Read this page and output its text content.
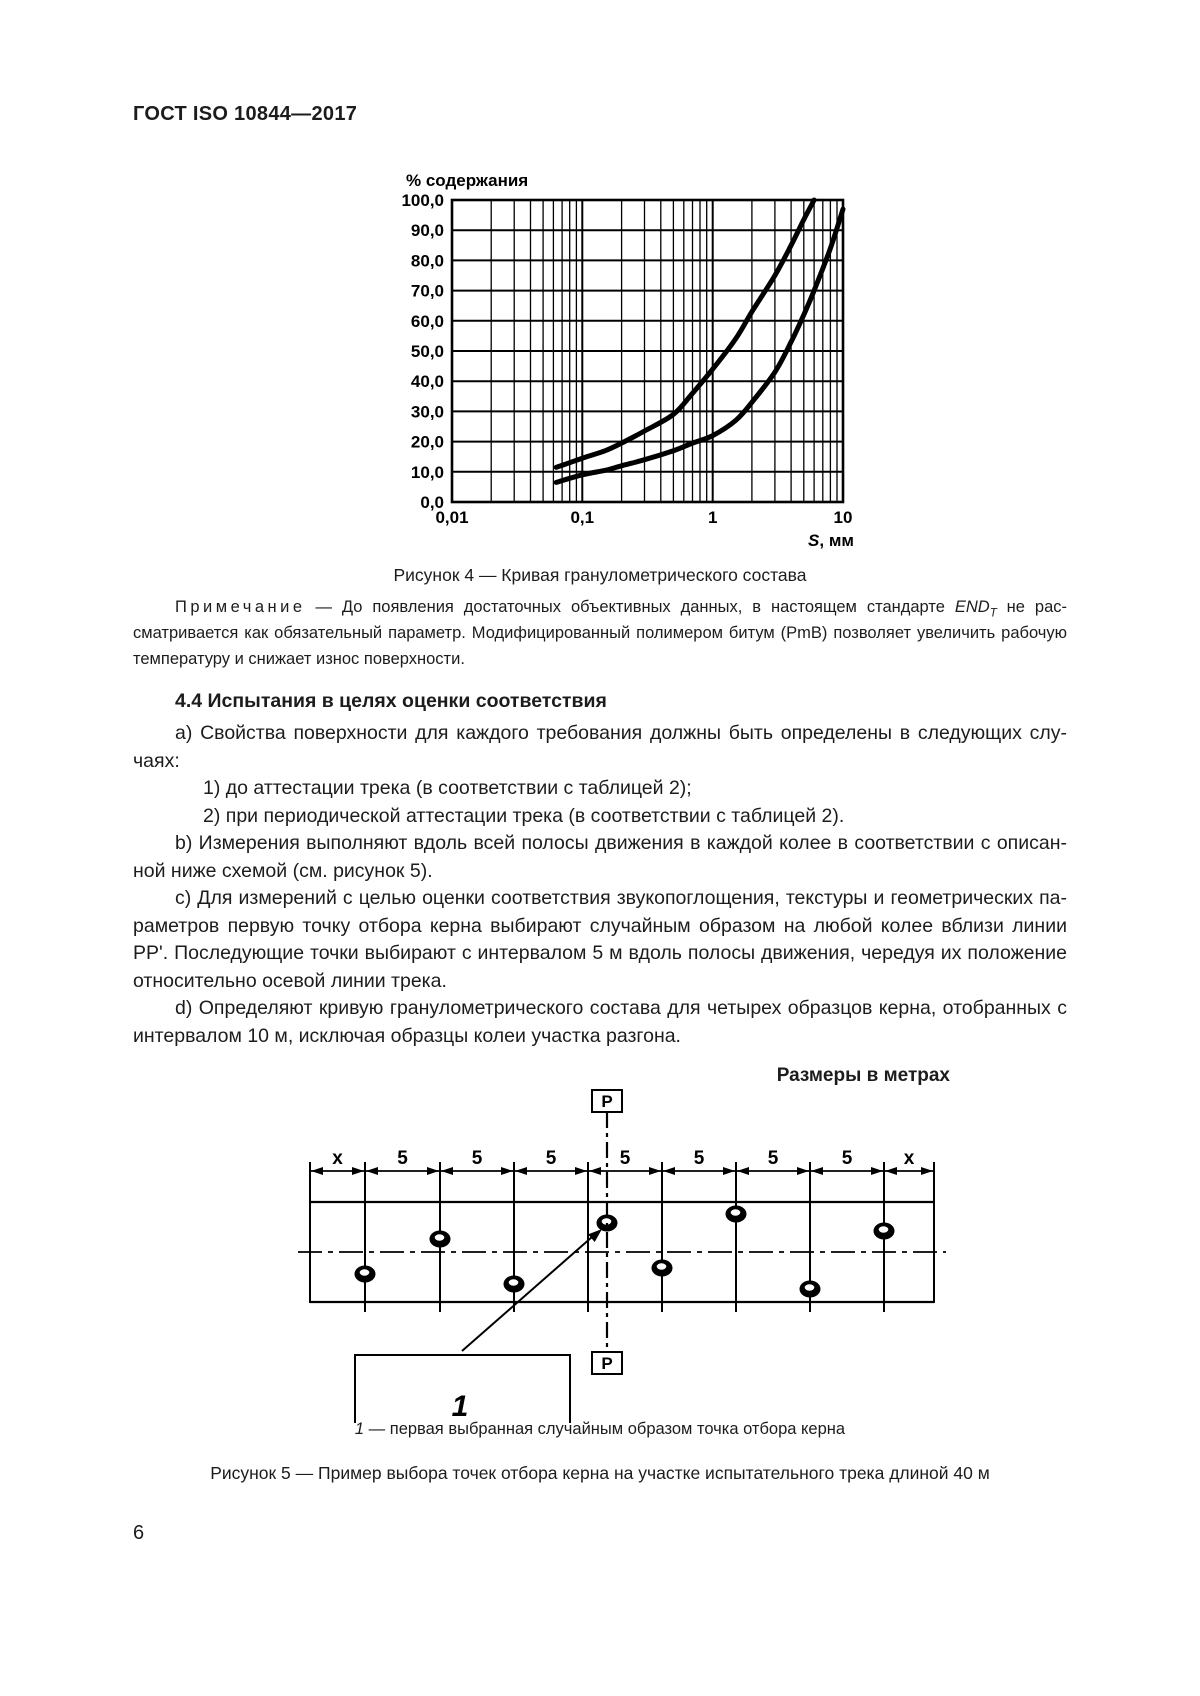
ГОСТ ISO 10844—2017
0,0
10,0
20,0
30,0
40,0
50,0
60,0
70,0
80,0
90,0
100,0
0,01	0,1	1	10
% содержания
S, мм
Рисунок 4 — Кривая гранулометрического состава
Примечание — До появления достаточных объективных данных, в настоящем стандарте $END_T$ не рассматривается как обязательный параметр. Модифицированный полимером битум (PmB) позволяет увеличить рабочую температуру и снижает износ поверхности.
4.4 Испытания в целях оценки соответствия

a) Свойства поверхности для каждого требования должны быть определены в следующих случаях:

1) до аттестации трека (в соответствии с таблицей 2);

2) при периодической аттестации трека (в соответствии с таблицей 2).

b) Измерения выполняют вдоль всей полосы движения в каждой колее в соответствии с описанной ниже схемой (см. рисунок 5).

c) Для измерений с целью оценки соответствия звукопоглощения, текстуры и геометрических параметров первую точку отбора керна выбирают случайным образом на любой колее вблизи линии PP'. Последующие точки выбирают с интервалом 5 м вдоль полосы движения, чередуя их положение относительно осевой линии трека.

d) Определяют кривую гранулометрического состава для четырех образцов керна, отобранных с интервалом 10 м, исключая образцы колеи участка разгона.

Размеры в метрах
x	5	5	5	5	5	5	5	x
P
P
1
1 — первая выбранная случайным образом точка отбора керна
Рисунок 5 — Пример выбора точек отбора керна на участке испытательного трека длиной 40 м
6
